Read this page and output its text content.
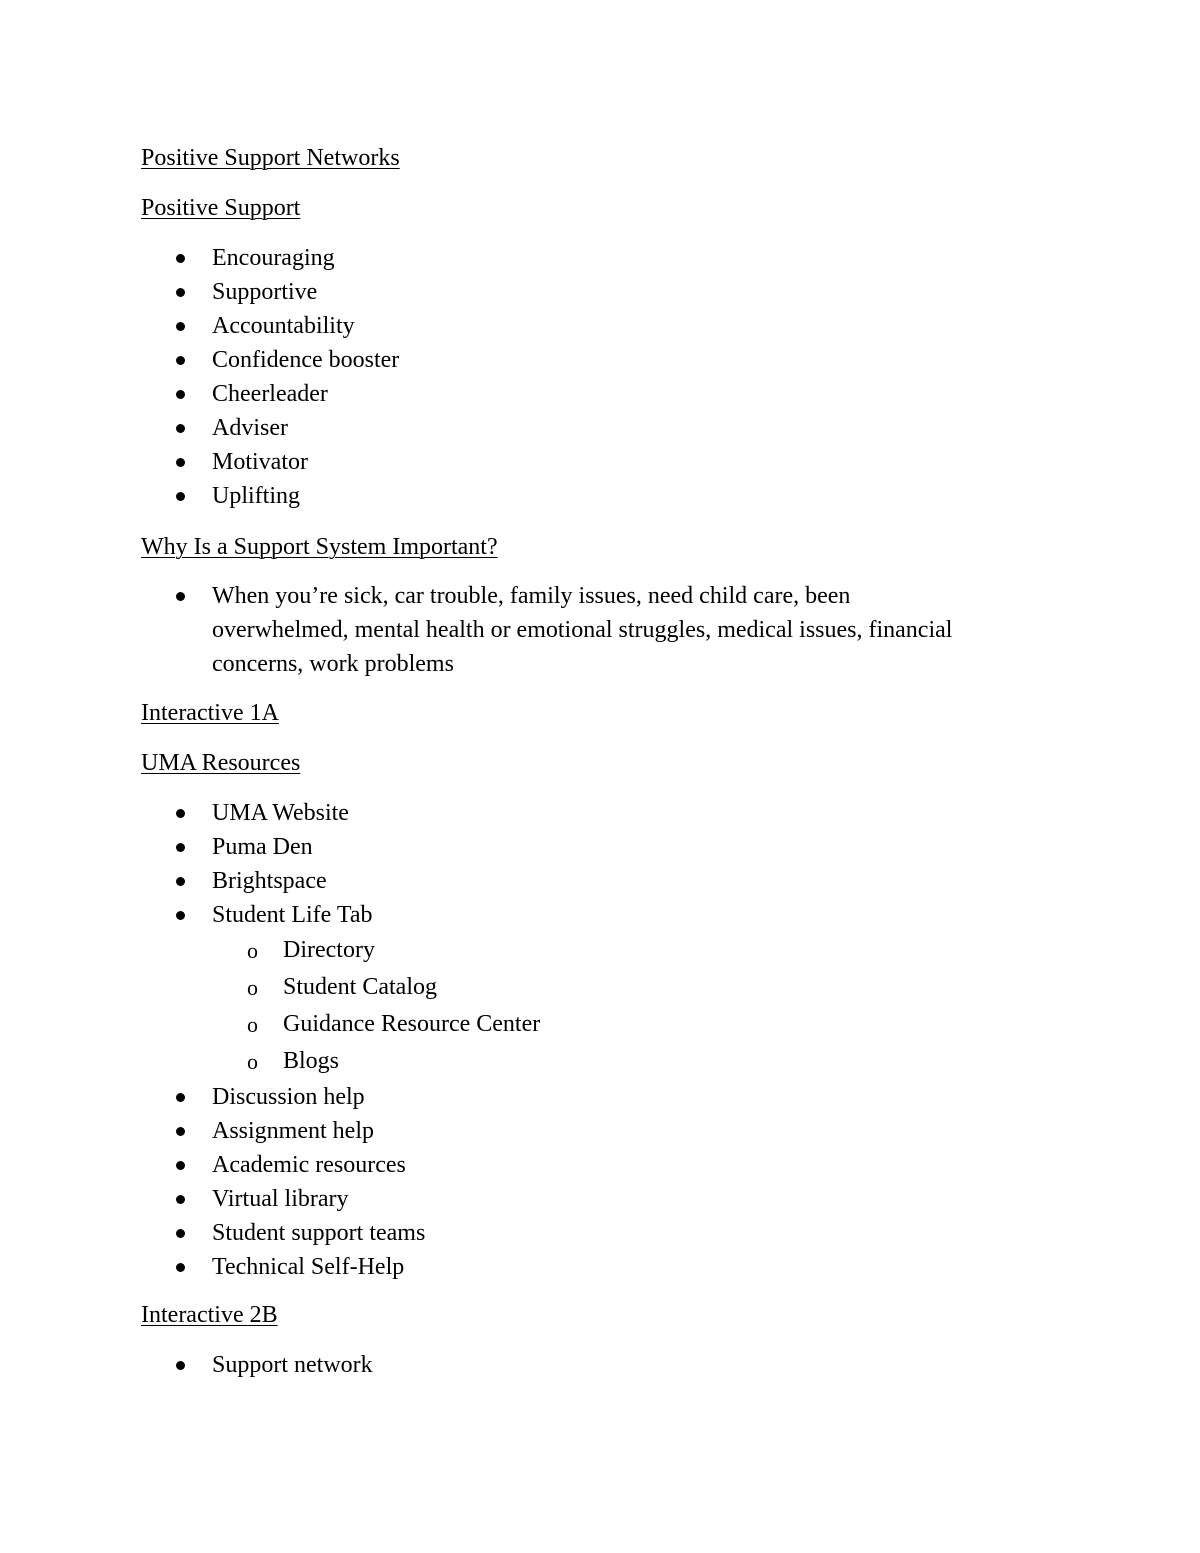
Positive Support Networks
Positive Support
Encouraging
Supportive
Accountability
Confidence booster
Cheerleader
Adviser
Motivator
Uplifting
Why Is a Support System Important?
When you’re sick, car trouble, family issues, need child care, been overwhelmed, mental health or emotional struggles, medical issues, financial concerns, work problems
Interactive 1A
UMA Resources
UMA Website
Puma Den
Brightspace
Student Life Tab
o Directory
o Student Catalog
o Guidance Resource Center
o Blogs
Discussion help
Assignment help
Academic resources
Virtual library
Student support teams
Technical Self-Help
Interactive 2B
Support network
